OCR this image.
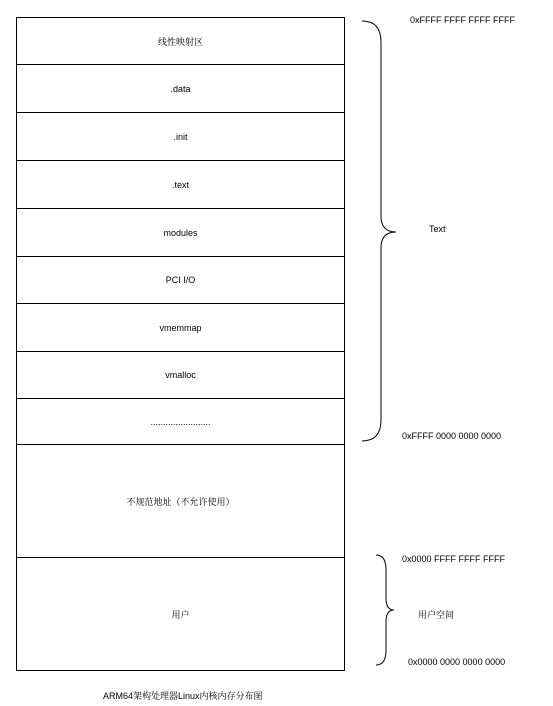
线性映射区
.data
.init
.text
modules
PCI I/O
vmemmap
vmalloc
........................
不规范地址（不允许使用）
用户
0xFFFF FFFF FFFF FFFF
Text
0xFFFF 0000 0000 0000
0x0000 FFFF FFFF FFFF
用户空间
0x0000 0000 0000 0000
ARM64架构处理器Linux内核内存分布图
